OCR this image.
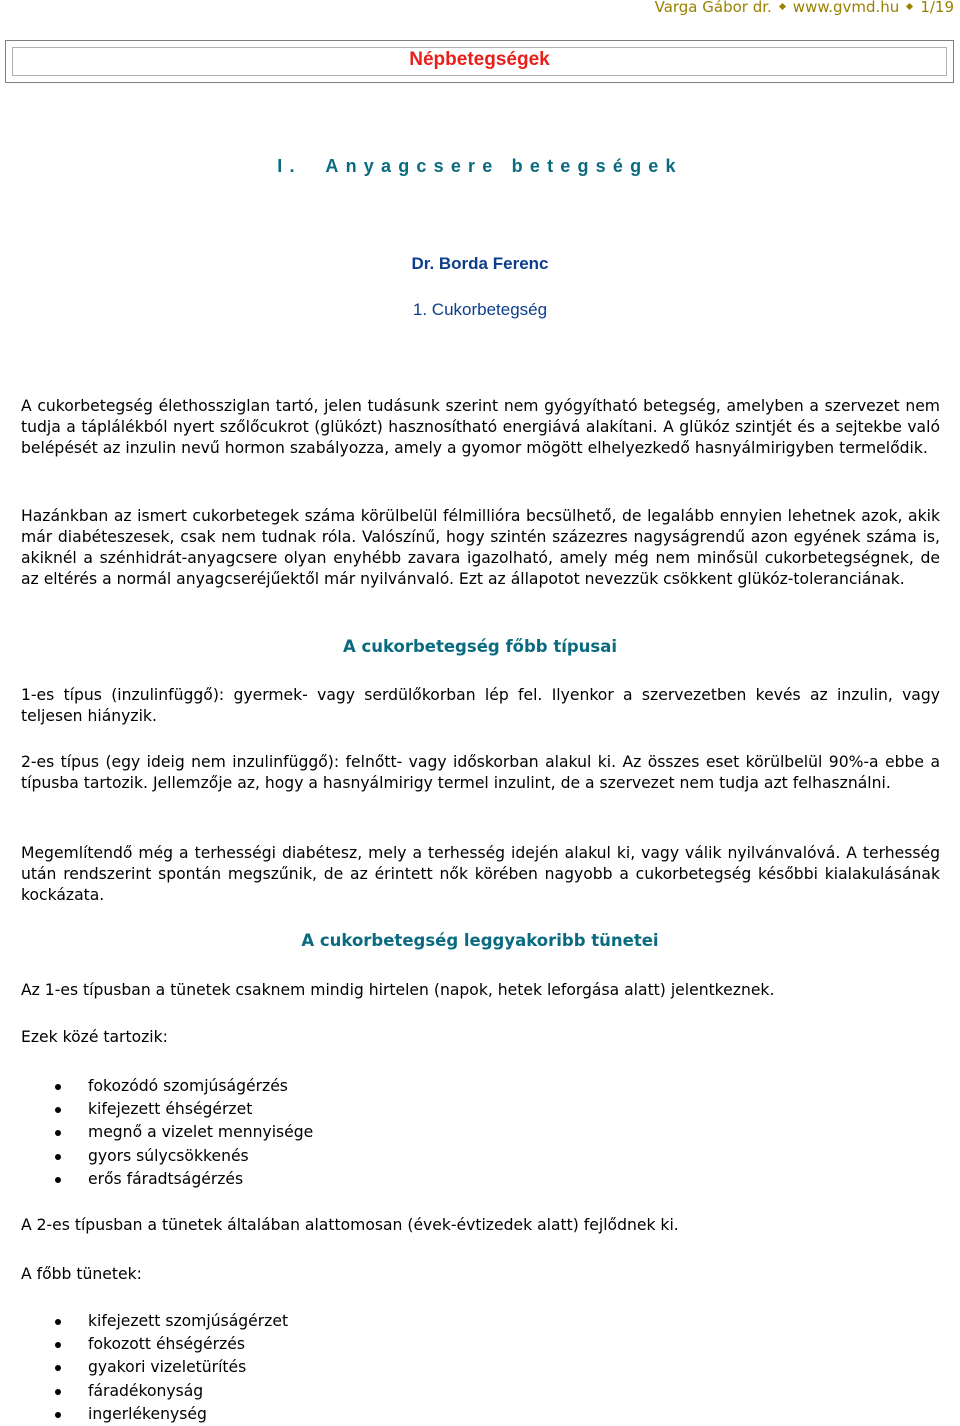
Varga Gábor dr. www.gvmd.hu 1/19
Népbetegségek
I.  Anyagcsere betegségek
Dr. Borda Ferenc
1. Cukorbetegség

A cukorbetegség élethossziglan tartó, jelen tudásunk szerint nem gyógyítható betegség, amelyben a szervezet nem tudja a táplálékból nyert szőlőcukrot (glükózt) hasznosítható energiává alakítani. A glükóz szintjét és a sejtekbe való belépését az inzulin nevű hormon szabályozza, amely a gyomor mögött elhelyezkedő hasnyálmirigyben termelődik.

Hazánkban az ismert cukorbetegek száma körülbelül félmillióra becsülhető, de legalább ennyien lehetnek azok, akik már diabéteszesek, csak nem tudnak róla. Valószínű, hogy szintén százezres nagyságrendű azon egyének száma is, akiknél a szénhidrát-anyagcsere olyan enyhébb zavara igazolható, amely még nem minősül cukorbetegségnek, de az eltérés a normál anyagcseréjűektől már nyilvánvaló. Ezt az állapotot nevezzük csökkent glükóz-toleranciának.

A cukorbetegség főbb típusai

1-es típus (inzulinfüggő): gyermek- vagy serdülőkorban lép fel. Ilyenkor a szervezetben kevés az inzulin, vagy teljesen hiányzik.

2-es típus (egy ideig nem inzulinfüggő): felnőtt- vagy időskorban alakul ki. Az összes eset körülbelül 90%-a ebbe a típusba tartozik. Jellemzője az, hogy a hasnyálmirigy termel inzulint, de a szervezet nem tudja azt felhasználni.

Megemlítendő még a terhességi diabétesz, mely a terhesség idején alakul ki, vagy válik nyilvánvalóvá. A terhesség után rendszerint spontán megszűnik, de az érintett nők körében nagyobb a cukorbetegség későbbi kialakulásának kockázata.

A cukorbetegség leggyakoribb tünetei

Az 1-es típusban a tünetek csaknem mindig hirtelen (napok, hetek leforgása alatt) jelentkeznek.

Ezek közé tartozik:

fokozódó szomjúságérzés
kifejezett éhségérzet
megnő a vizelet mennyisége
gyors súlycsökkenés
erős fáradtságérzés

A 2-es típusban a tünetek általában alattomosan (évek-évtizedek alatt) fejlődnek ki.

A főbb tünetek:

kifejezett szomjúságérzet
fokozott éhségérzés
gyakori vizeletürítés
fáradékonyság
ingerlékenység
